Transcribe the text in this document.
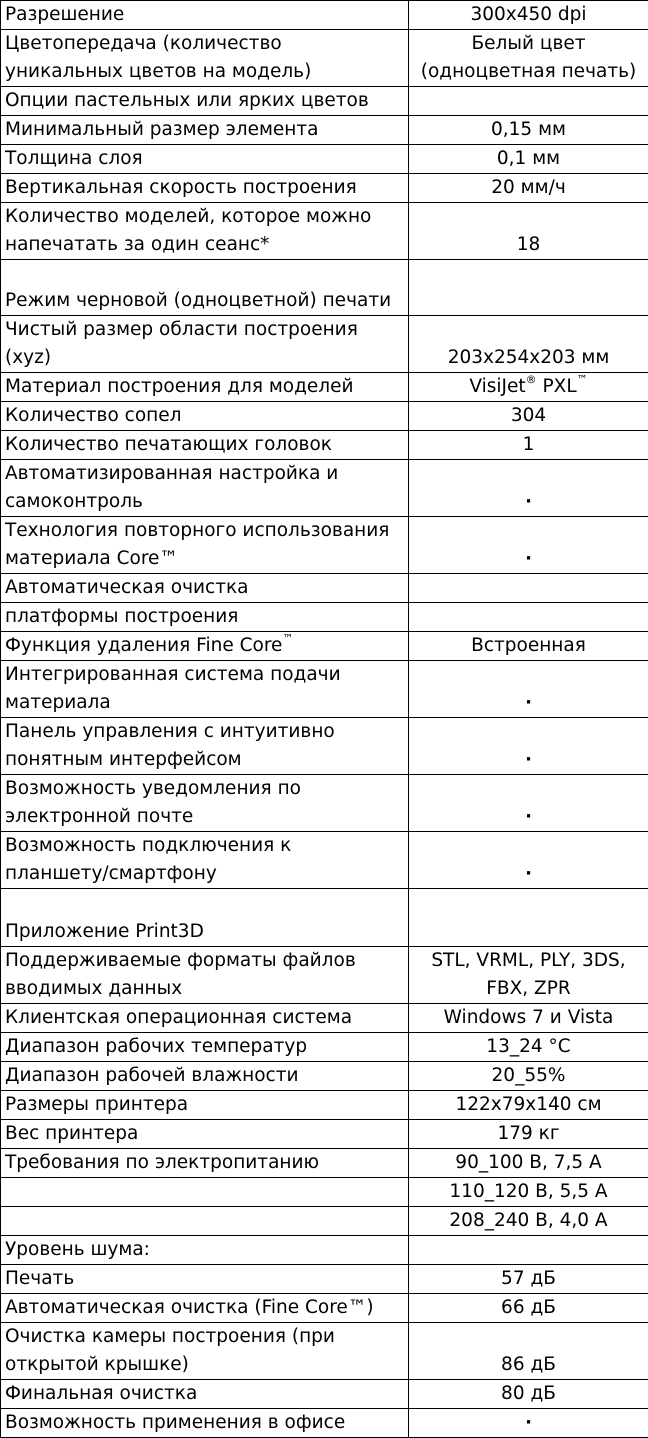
Разрешение	300x450 dpi

Цветопередача (количество
уникальных цветов на модель)	Белый цвет
(одноцветная печать)

Опции пастельных или ярких цветов	

Минимальный размер элемента	0,15 мм

Толщина слоя	0,1 мм

Вертикальная скорость построения	20 мм/ч

Количество моделей, которое можно
напечатать за один сеанс*	18

Режим черновой (одноцветной) печати	

Чистый размер области построения
(xyz)	203x254x203 мм

Материал построения для моделей	VisiJet® PXL™

Количество сопел	304

Количество печатающих головок	1

Автоматизированная настройка и
самоконтроль	·

Технология повторного использования
материала Core™	·

Автоматическая очистка	

платформы построения	

Функция удаления Fine Core™	Встроенная

Интегрированная система подачи
материала	·

Панель управления с интуитивно
понятным интерфейсом	·

Возможность уведомления по
электронной почте	·

Возможность подключения к
планшету/смартфону	·

Приложение Print3D	

Поддерживаемые форматы файлов
вводимых данных	STL, VRML, PLY, 3DS,
FBX, ZPR

Клиентская операционная система	Windows 7 и Vista

Диапазон рабочих температур	13_24 °C

Диапазон рабочей влажности	20_55%

Размеры принтера	122x79x140 см

Вес принтера	179 кг

Требования по электропитанию	90_100 В, 7,5 А

	110_120 В, 5,5 А

	208_240 В, 4,0 А

Уровень шума:	

Печать	57 дБ

Автоматическая очистка (Fine Core™)	66 дБ

Очистка камеры построения (при
открытой крышке)	86 дБ

Финальная очистка	80 дБ

Возможность применения в офисе	·
